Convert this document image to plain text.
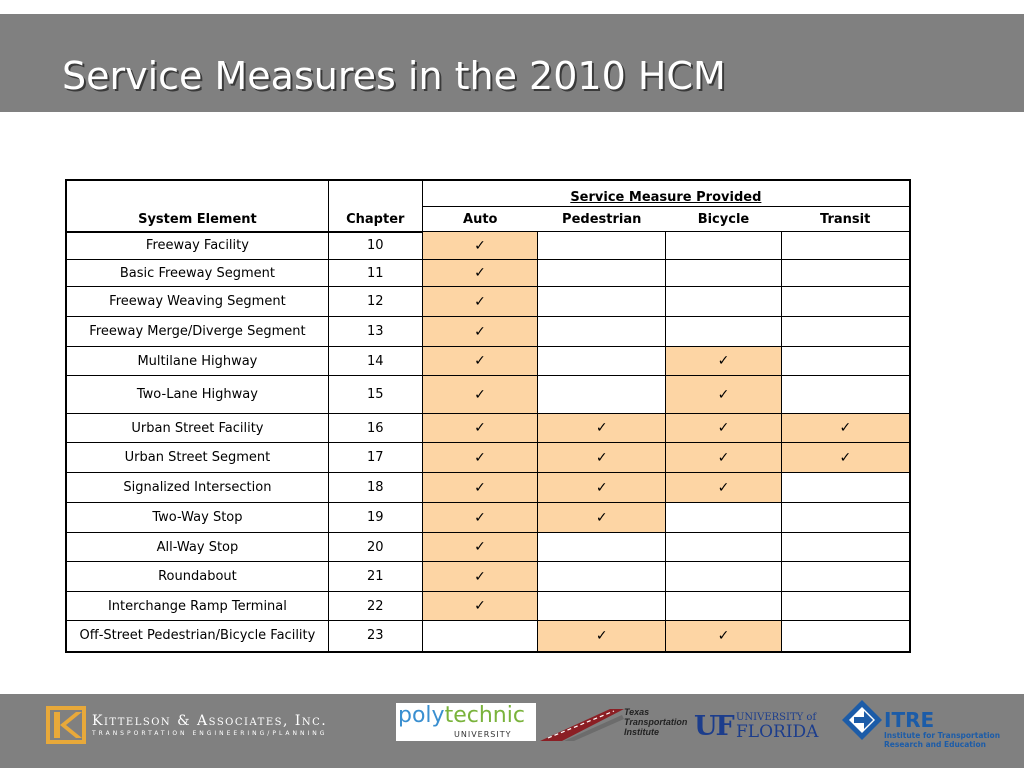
Service Measures in the 2010 HCM
System Element	Chapter	Service Measure Provided			
		Auto	Pedestrian	Bicycle	Transit
Freeway Facility	10	✓			
Basic Freeway Segment	11	✓			
Freeway Weaving Segment	12	✓			
Freeway Merge/Diverge Segment	13	✓			
Multilane Highway	14	✓		✓	
Two-Lane Highway	15	✓		✓	
Urban Street Facility	16	✓	✓	✓	✓
Urban Street Segment	17	✓	✓	✓	✓
Signalized Intersection	18	✓	✓	✓	
Two-Way Stop	19	✓	✓		
All-Way Stop	20	✓			
Roundabout	21	✓			
Interchange Ramp Terminal	22	✓			
Off-Street Pedestrian/Bicycle Facility	23		✓	✓	
Kittelson & Associates, Inc.
TRANSPORTATION ENGINEERING/PLANNING
polytechnic
UNIVERSITY
Texas
Transportation
Institute	UF UNIVERSITY of
FLORIDA	ITRE
Institute for Transportation
Research and Education
